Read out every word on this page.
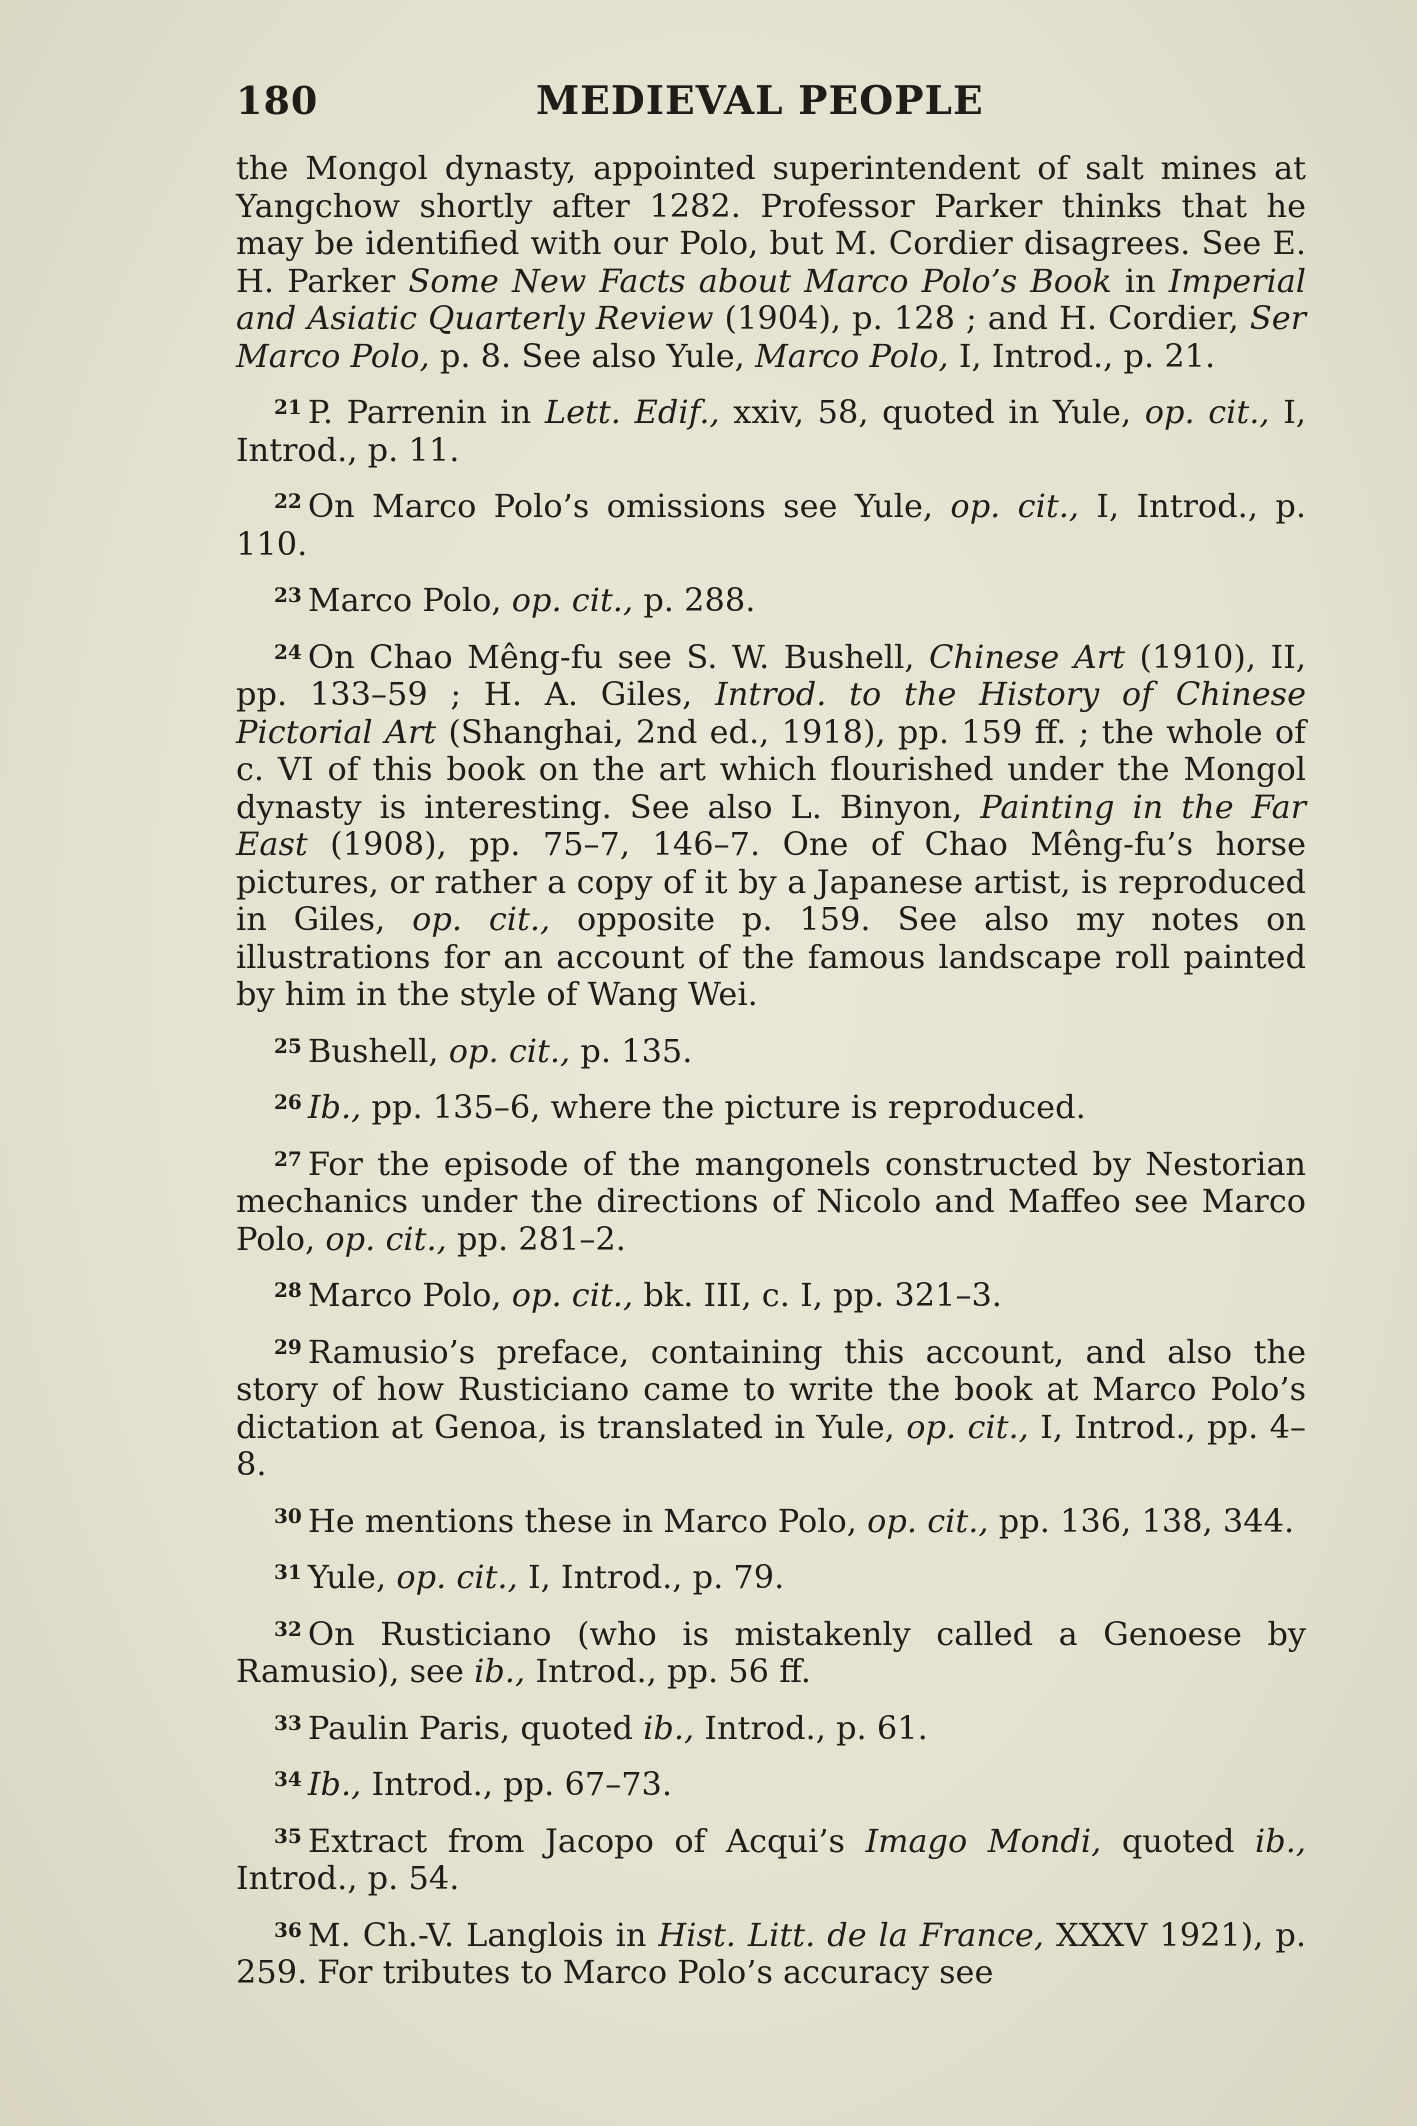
180	MEDIEVAL PEOPLE

the Mongol dynasty, appointed superintendent of salt mines at Yangchow shortly after 1282. Professor Parker thinks that he may be identified with our Polo, but M. Cordier disagrees. See E. H. Parker Some New Facts about Marco Polo’s Book in Imperial and Asiatic Quarterly Review (1904), p. 128 ; and H. Cordier, Ser Marco Polo, p. 8. See also Yule, Marco Polo, I, Introd., p. 21.

$^{21}$ P. Parrenin in Lett. Edif., xxiv, 58, quoted in Yule, op. cit., I, Introd., p. 11.

$^{22}$ On Marco Polo’s omissions see Yule, op. cit., I, Introd., p. 110.

$^{23}$ Marco Polo, op. cit., p. 288.

$^{24}$ On Chao Mêng-fu see S. W. Bushell, Chinese Art (1910), II, pp. 133–59 ; H. A. Giles, Introd. to the History of Chinese Pictorial Art (Shanghai, 2nd ed., 1918), pp. 159 ff. ; the whole of c. VI of this book on the art which flourished under the Mongol dynasty is interesting. See also L. Binyon, Painting in the Far East (1908), pp. 75–7, 146–7. One of Chao Mêng-fu’s horse pictures, or rather a copy of it by a Japanese artist, is reproduced in Giles, op. cit., opposite p. 159. See also my notes on illustrations for an account of the famous landscape roll painted by him in the style of Wang Wei.

$^{25}$ Bushell, op. cit., p. 135.

$^{26}$ Ib., pp. 135–6, where the picture is reproduced.

$^{27}$ For the episode of the mangonels constructed by Nestorian mechanics under the directions of Nicolo and Maffeo see Marco Polo, op. cit., pp. 281–2.

$^{28}$ Marco Polo, op. cit., bk. III, c. I, pp. 321–3.

$^{29}$ Ramusio’s preface, containing this account, and also the story of how Rusticiano came to write the book at Marco Polo’s dictation at Genoa, is translated in Yule, op. cit., I, Introd., pp. 4–8.

$^{30}$ He mentions these in Marco Polo, op. cit., pp. 136, 138, 344.

$^{31}$ Yule, op. cit., I, Introd., p. 79.

$^{32}$ On Rusticiano (who is mistakenly called a Genoese by Ramusio), see ib., Introd., pp. 56 ff.

$^{33}$ Paulin Paris, quoted ib., Introd., p. 61.

$^{34}$ Ib., Introd., pp. 67–73.

$^{35}$ Extract from Jacopo of Acqui’s Imago Mondi, quoted ib., Introd., p. 54.

$^{36}$ M. Ch.-V. Langlois in Hist. Litt. de la France, XXXV 1921), p. 259. For tributes to Marco Polo’s accuracy see
